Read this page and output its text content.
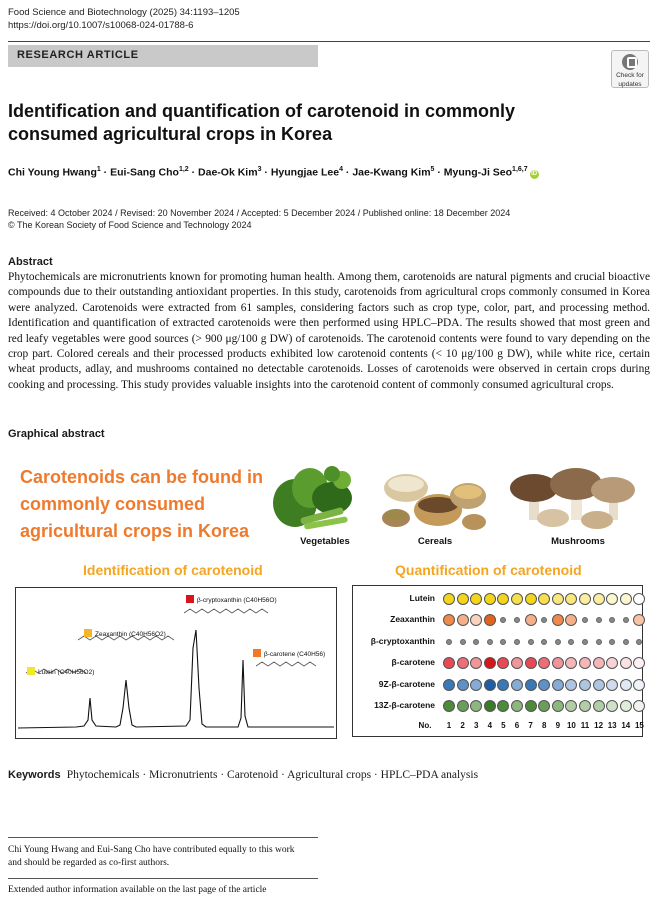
Food Science and Biotechnology (2025) 34:1193–1205
https://doi.org/10.1007/s10068-024-01788-6
RESEARCH ARTICLE
Check for
updates
Identification and quantification of carotenoid in commonly consumed agricultural crops in Korea
Chi Young Hwang$^1$ · Eui-Sang Cho$^{1,2}$ · Dae-Ok Kim$^3$ · Hyungjae Lee$^4$ · Jae-Kwang Kim$^5$ · Myung-Ji Seo$^{1,6,7}$iD
Received: 4 October 2024 / Revised: 20 November 2024 / Accepted: 5 December 2024 / Published online: 18 December 2024
© The Korean Society of Food Science and Technology 2024
Abstract
Phytochemicals are micronutrients known for promoting human health. Among them, carotenoids are natural pigments and crucial bioactive compounds due to their outstanding antioxidant properties. In this study, carotenoids from agricultural crops commonly consumed in Korea were analyzed. Carotenoids were extracted from 61 samples, considering factors such as crop type, color, part, and processing method. Identification and quantification of extracted carotenoids were then performed using HPLC–PDA. The results showed that most green and red leafy vegetables were good sources (> 900 μg/100 g DW) of carotenoids. The carotenoid contents were found to vary depending on the crop part. Colored cereals and their processed products exhibited low carotenoid contents (< 10 μg/100 g DW), while white rice, certain wheat products, adlay, and mushrooms contained no detectable carotenoids. Losses of carotenoids were observed in certain crops during cooking and processing. This study provides valuable insights into the carotenoid content of commonly consumed agricultural crops.
Graphical abstract
Carotenoids can be found in commonly consumed agricultural crops in Korea
Vegetables	Cereals	Mushrooms
Identification of carotenoid	Quantification of carotenoid
Lutein (C40H56O2)
Zeaxanthin (C40H56O2)
β-cryptoxanthin (C40H56O)
β-carotene (C40H56)
Lutein
Zeaxanthin
β-cryptoxanthin
β-carotene
9Z-β-carotene
13Z-β-carotene
No.	1	2	3	4	5	6	7	8	9 10 11 12 13 14 15
Keywords Phytochemicals · Micronutrients · Carotenoid · Agricultural crops · HPLC–PDA analysis
Chi Young Hwang and Eui-Sang Cho have contributed equally to this work and should be regarded as co-first authors.
Extended author information available on the last page of the article
